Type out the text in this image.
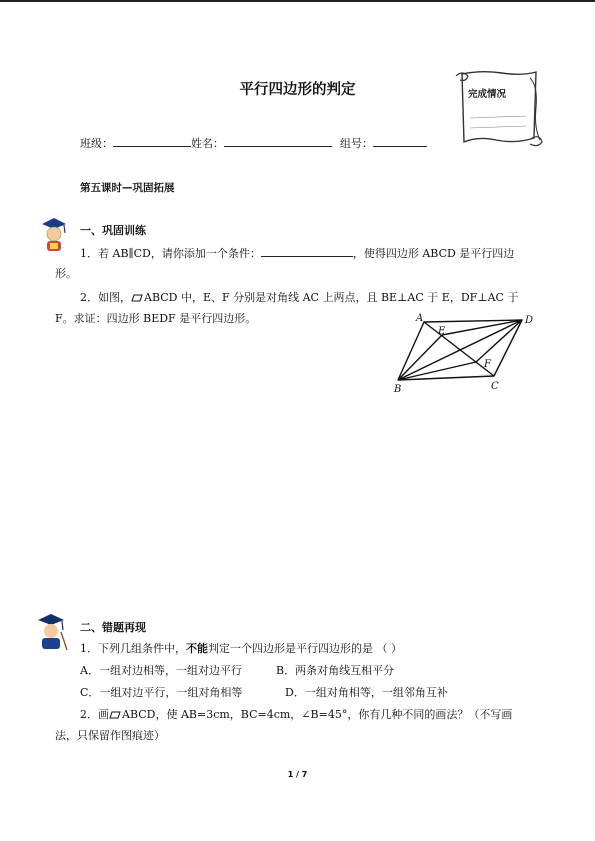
平行四边形的判定	完成情况
班级：	姓名：	组号：
第五课时—巩固拓展
一、巩固训练
1．若 AB∥CD，请你添加一个条件：	，使得四边形 ABCD 是平行四边
形。
2．如图， ABCD 中，E、F 分别是对角线 AC 上两点，且 BE⊥AC 于 E，DF⊥AC 于
F。求证：四边形 BEDF 是平行四边形。	A	D
E
F
B	C
二、错题再现
1．下列几组条件中，不能判定一个四边形是平行四边形的是 （ ）
A．一组对边相等，一组对边平行	B．两条对角线互相平分
C．一组对边平行，一组对角相等	D．一组对角相等，一组邻角互补
2．画 ABCD，使 AB=3cm，BC=4cm，∠B=45°，你有几种不同的画法？（不写画
法，只保留作图痕迹）
1 / 7
